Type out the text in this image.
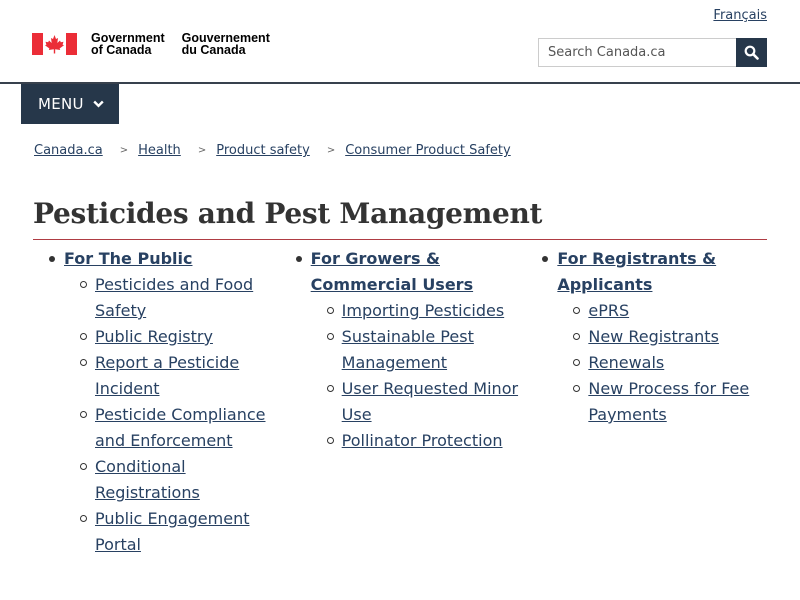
Français
Government
of Canada
Gouvernement
du Canada
Search Canada.ca
MENU
Canada.ca > Health > Product safety > Consumer Product Safety
Pesticides and Pest Management
For The Public
Pesticides and Food Safety
Public Registry
Report a Pesticide Incident
Pesticide Compliance and Enforcement
Conditional Registrations
Public Engagement Portal
For Growers & Commercial Users
Importing Pesticides
Sustainable Pest Management
User Requested Minor Use
Pollinator Protection
For Registrants & Applicants
ePRS
New Registrants
Renewals
New Process for Fee Payments
